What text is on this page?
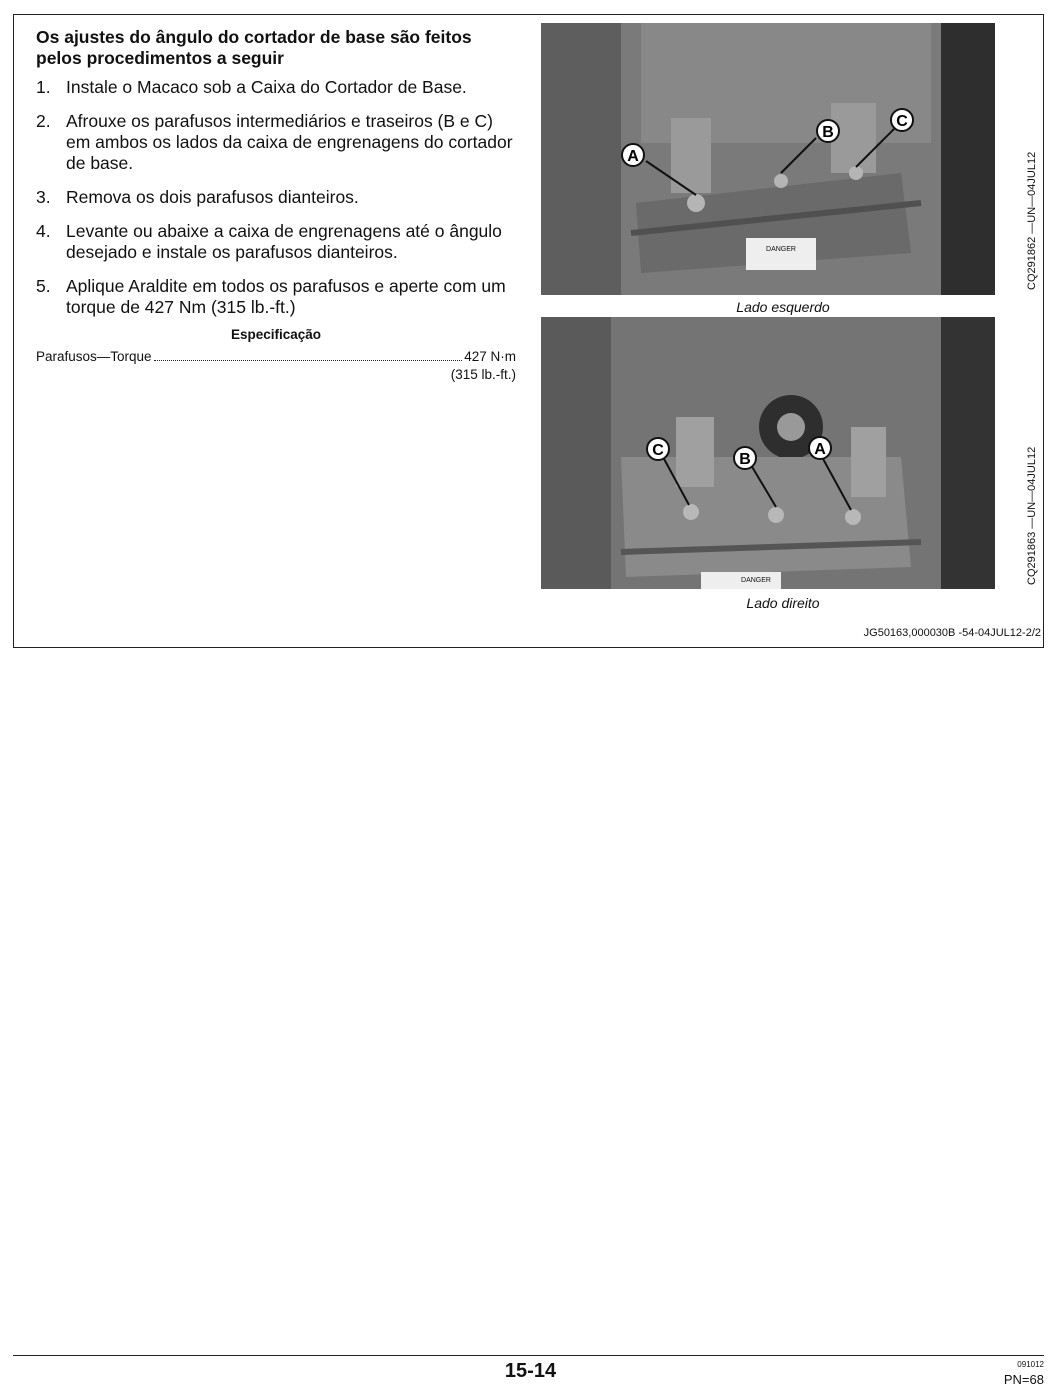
Os ajustes do ângulo do cortador de base são feitos pelos procedimentos a seguir
1. Instale o Macaco sob a Caixa do Cortador de Base.
2. Afrouxe os parafusos intermediários e traseiros (B e C) em ambos os lados da caixa de engrenagens do cortador de base.
3. Remova os dois parafusos dianteiros.
4. Levante ou abaixe a caixa de engrenagens até o ângulo desejado e instale os parafusos dianteiros.
5. Aplique Araldite em todos os parafusos e aperte com um torque de 427 Nm (315 lb.-ft.)
Especificação
Parafusos—Torque	427 N·m
(315 lb.-ft.)
DANGER
A
B
C
Lado esquerdo
CQ291862 —UN—04JUL12
DANGER
C
B
A
Lado direito
CQ291863 —UN—04JUL12
JG50163,000030B -54-04JUL12-2/2
15-14	091012
PN=68
